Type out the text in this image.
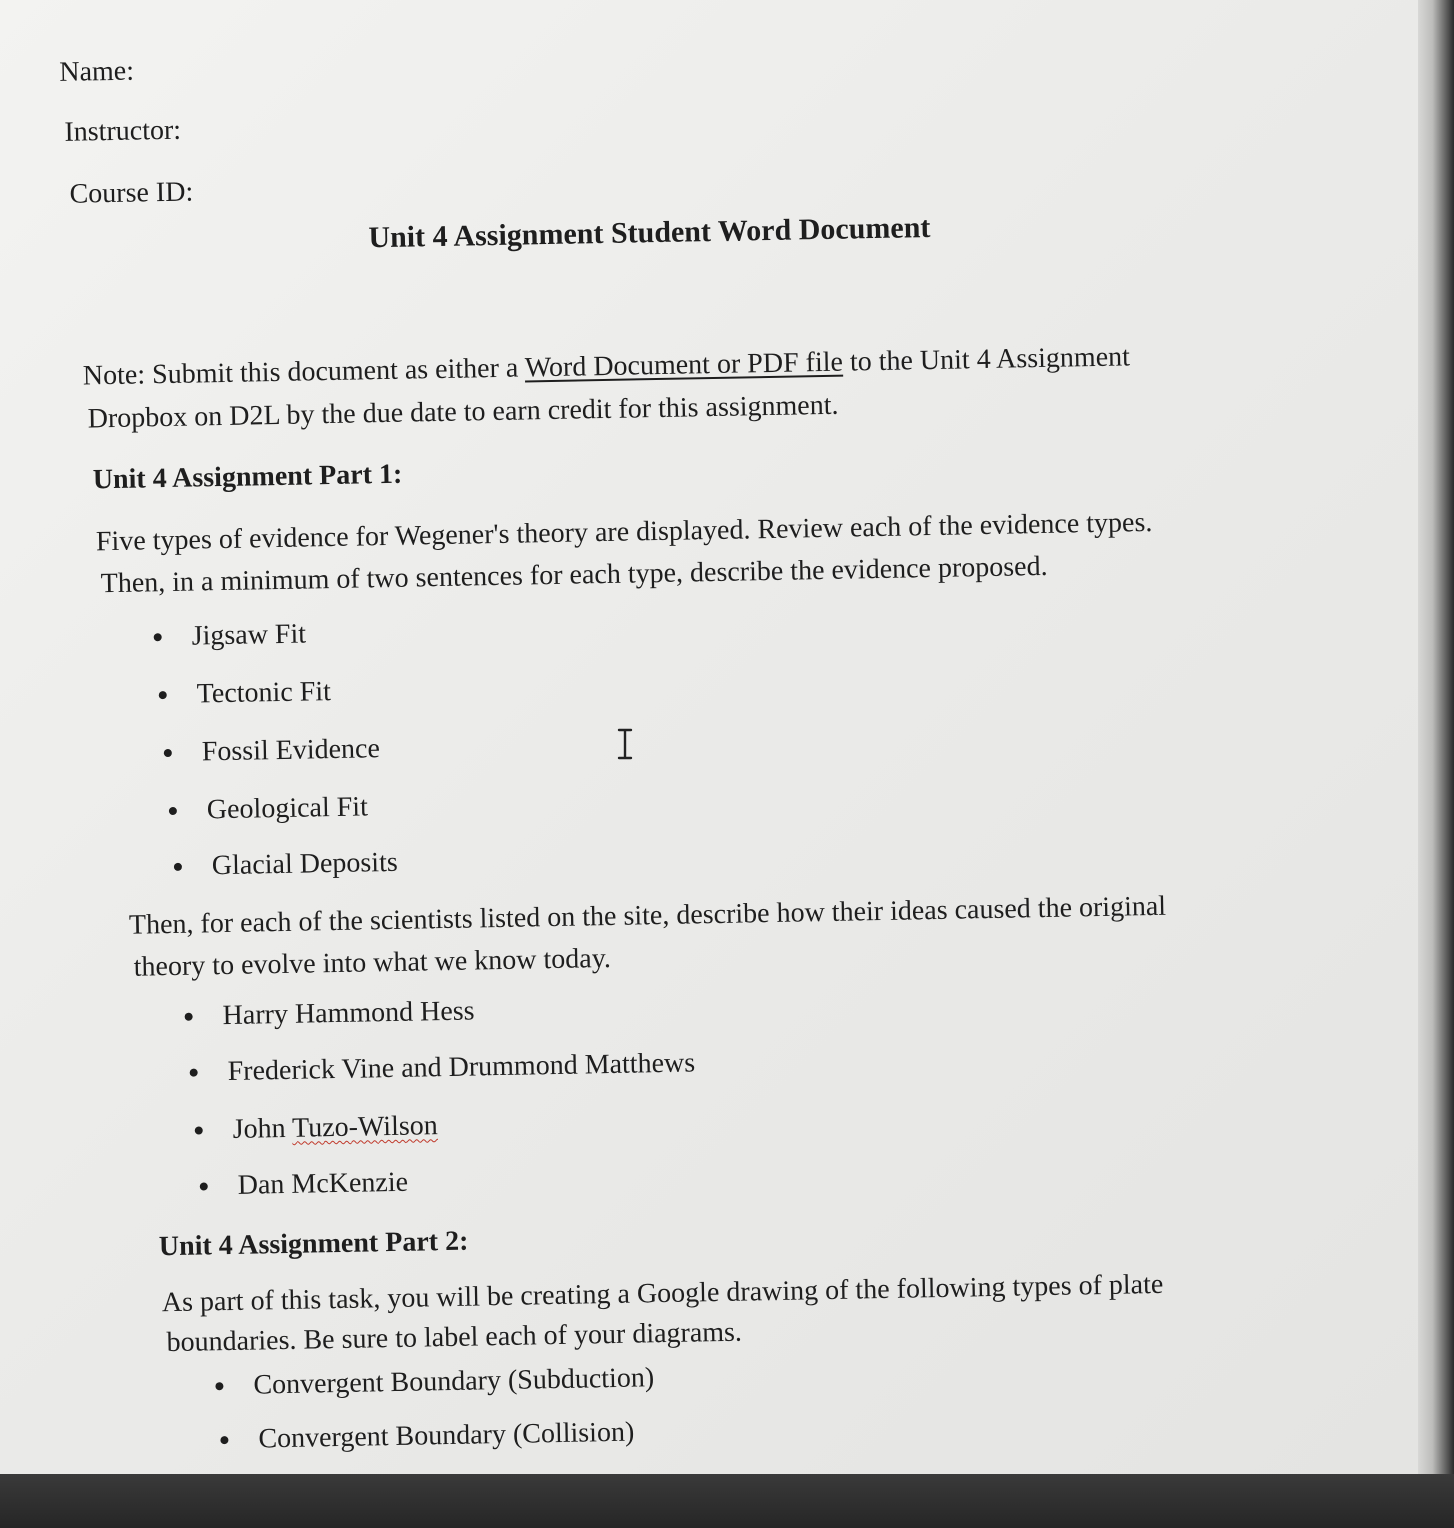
Name:
Instructor:
Course ID:
Unit 4 Assignment Student Word Document
Note: Submit this document as either a Word Document or PDF file to the Unit 4 Assignment
Dropbox on D2L by the due date to earn credit for this assignment.
Unit 4 Assignment Part 1:
Five types of evidence for Wegener's theory are displayed. Review each of the evidence types.
Then, in a minimum of two sentences for each type, describe the evidence proposed.
Jigsaw Fit
Tectonic Fit
Fossil Evidence
Geological Fit
Glacial Deposits
Then, for each of the scientists listed on the site, describe how their ideas caused the original
theory to evolve into what we know today.
Harry Hammond Hess
Frederick Vine and Drummond Matthews
John Tuzo-Wilson
Dan McKenzie
Unit 4 Assignment Part 2:
As part of this task, you will be creating a Google drawing of the following types of plate
boundaries. Be sure to label each of your diagrams.
Convergent Boundary (Subduction)
Convergent Boundary (Collision)
